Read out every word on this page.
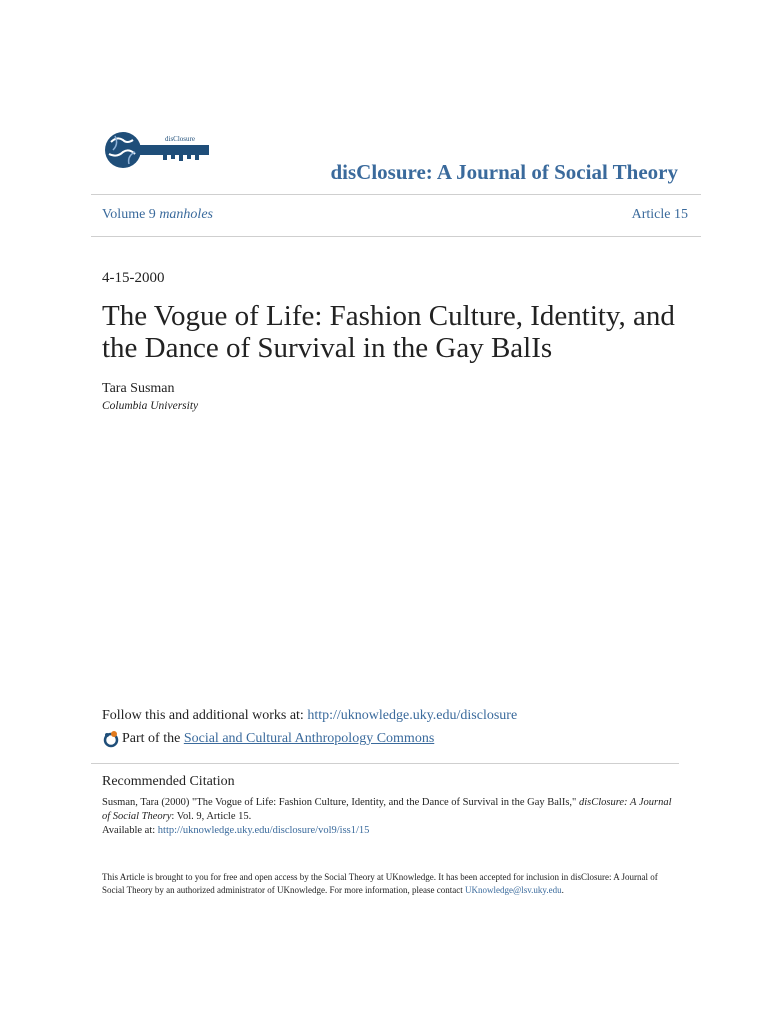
disClosure
disClosure: A Journal of Social Theory
Volume 9 manholes	Article 15
4-15-2000
The Vogue of Life: Fashion Culture, Identity, and the Dance of Survival in the Gay BalIs
Tara Susman
Columbia University
Follow this and additional works at: http://uknowledge.uky.edu/disclosure
Part of the
Social and Cultural Anthropology Commons
Recommended Citation
Susman, Tara (2000) "The Vogue of Life: Fashion Culture, Identity, and the Dance of Survival in the Gay BalIs," disClosure: A Journal of Social Theory: Vol. 9, Article 15.
Available at: http://uknowledge.uky.edu/disclosure/vol9/iss1/15
This Article is brought to you for free and open access by the Social Theory at UKnowledge. It has been accepted for inclusion in disClosure: A Journal of Social Theory by an authorized administrator of UKnowledge. For more information, please contact UKnowledge@lsv.uky.edu.
